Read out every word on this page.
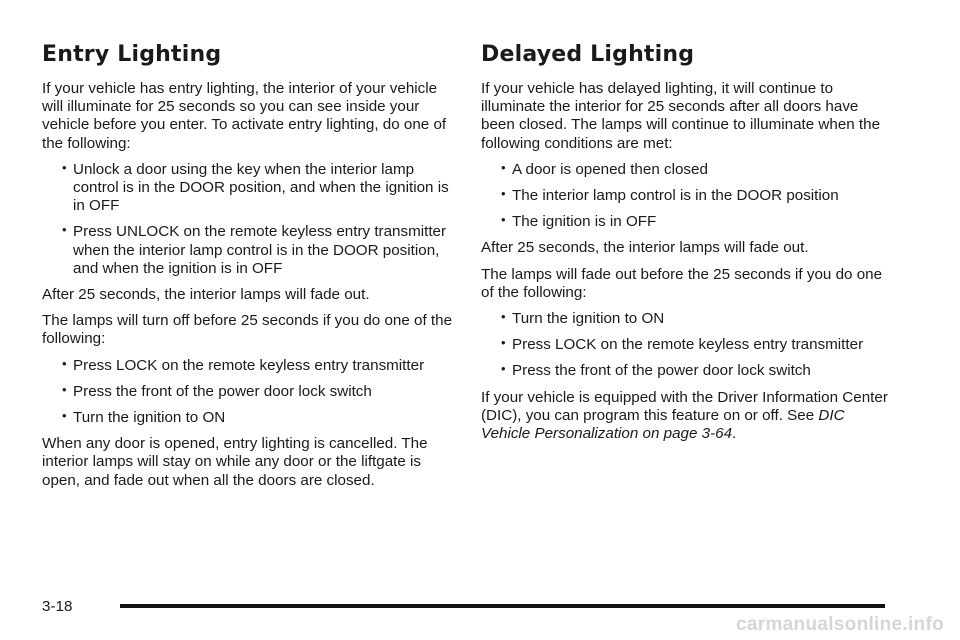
Entry Lighting

If your vehicle has entry lighting, the interior of your vehicle will illuminate for 25 seconds so you can see inside your vehicle before you enter. To activate entry lighting, do one of the following:

• Unlock a door using the key when the interior lamp control is in the DOOR position, and when the ignition is in OFF
• Press UNLOCK on the remote keyless entry transmitter when the interior lamp control is in the DOOR position, and when the ignition is in OFF

After 25 seconds, the interior lamps will fade out.

The lamps will turn off before 25 seconds if you do one of the following:

• Press LOCK on the remote keyless entry transmitter
• Press the front of the power door lock switch
• Turn the ignition to ON

When any door is opened, entry lighting is cancelled. The interior lamps will stay on while any door or the liftgate is open, and fade out when all the doors are closed.

Delayed Lighting

If your vehicle has delayed lighting, it will continue to illuminate the interior for 25 seconds after all doors have been closed. The lamps will continue to illuminate when the following conditions are met:

• A door is opened then closed
• The interior lamp control is in the DOOR position
• The ignition is in OFF

After 25 seconds, the interior lamps will fade out.

The lamps will fade out before the 25 seconds if you do one of the following:

• Turn the ignition to ON
• Press LOCK on the remote keyless entry transmitter
• Press the front of the power door lock switch

If your vehicle is equipped with the Driver Information Center (DIC), you can program this feature on or off. See DIC Vehicle Personalization on page 3-64.

3-18
carmanualsonline.info
